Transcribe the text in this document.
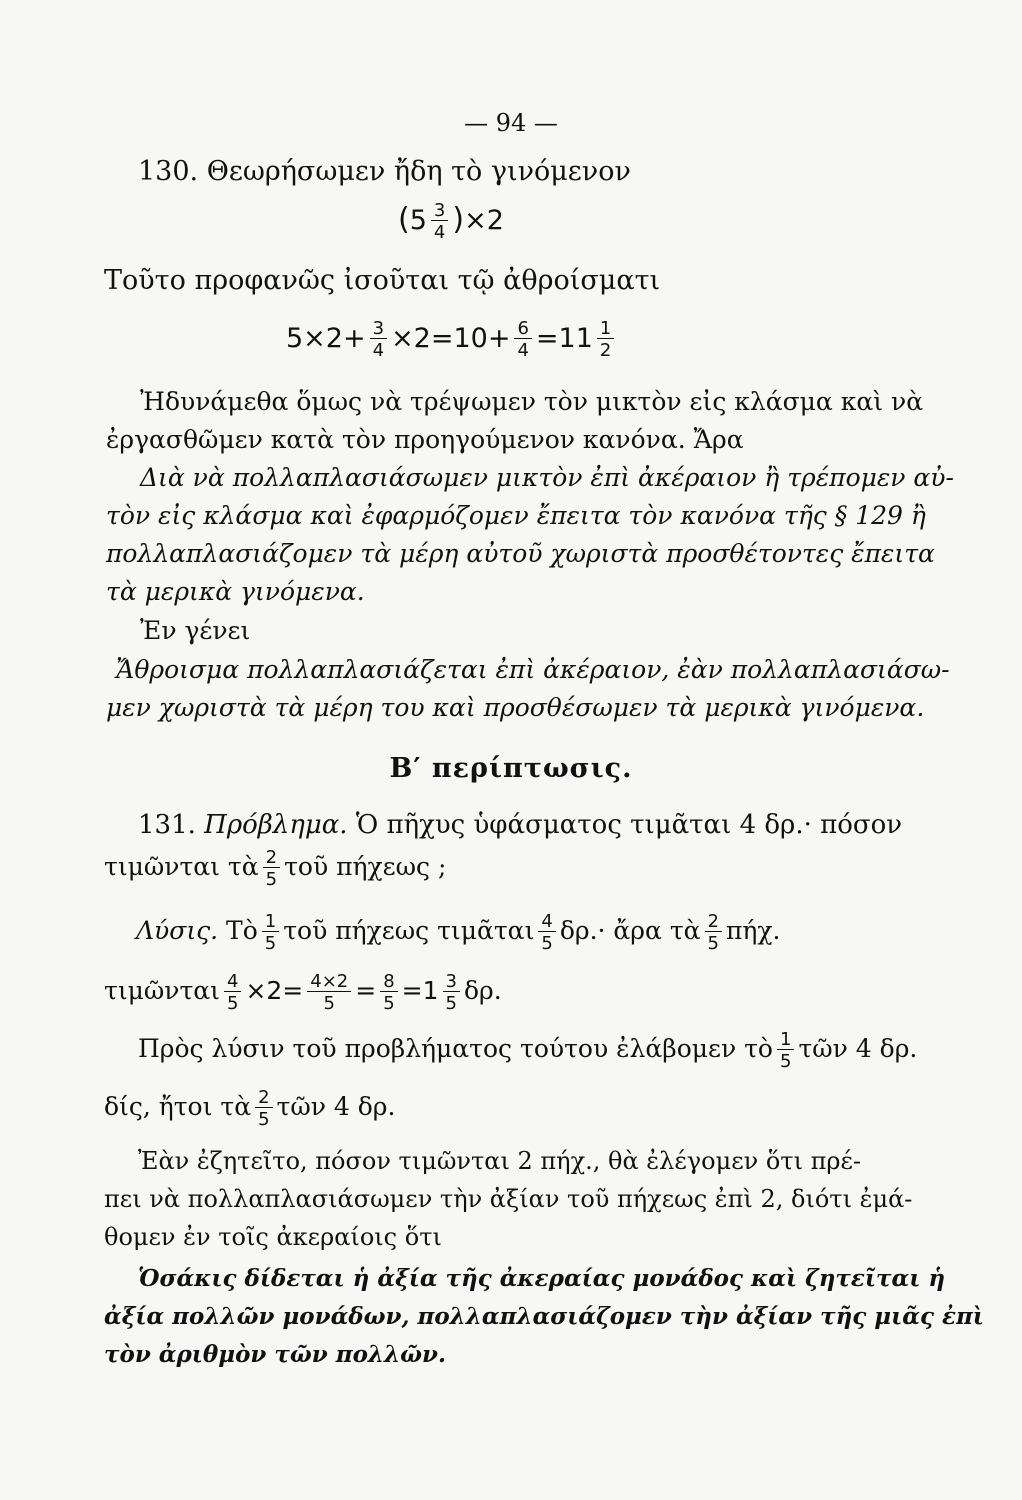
— 94 —
130. Θεωρήσωμεν ἤδη τὸ γινόμενον
$(5 \frac{3}{4} )\times 2$
Τοῦτο προφανῶς ἰσοῦται τῷ ἀθροίσματι
$5\times 2+ \frac{3}{4} \times 2=10+ \frac{6}{4} =11 \frac{1}{2}$
Ἠδυνάμεθα ὅμως νὰ τρέψωμεν τὸν μικτὸν εἰς κλάσμα καὶ νὰ
ἐργασθῶμεν κατὰ τὸν προηγούμενον κανόνα. Ἄρα
Διὰ νὰ πολλαπλασιάσωμεν μικτὸν ἐπὶ ἀκέραιον ἢ τρέπομεν αὐ-
τὸν εἰς κλάσμα καὶ ἐφαρμόζομεν ἔπειτα τὸν κανόνα τῆς § 129 ἢ
πολλαπλασιάζομεν τὰ μέρη αὐτοῦ χωριστὰ προσθέτοντες ἔπειτα
τὰ μερικὰ γινόμενα.
Ἐν γένει
Ἄθροισμα πολλαπλασιάζεται ἐπὶ ἀκέραιον, ἐὰν πολλαπλασιάσω-
μεν χωριστὰ τὰ μέρη του καὶ προσθέσωμεν τὰ μερικὰ γινόμενα.
Β′ περίπτωσις.
131. Πρόβλημα. Ὁ πῆχυς ὑφάσματος τιμᾶται 4 δρ.· πόσον
τιμῶνται τὰ $\frac{2}{5}$ τοῦ πήχεως ;
Λύσις. Τὸ $\frac{1}{5}$ τοῦ πήχεως τιμᾶται $\frac{4}{5} \delta\rho.\cdot$ ἄρα τὰ $\frac{2}{5} \pi ή\chi$.
τιμῶνται $\frac{4}{5} \times 2= \frac{4\times 2}{5} = \frac{8}{5} =1 \frac{3}{5} \delta\rho$.
Πρὸς λύσιν τοῦ προβλήματος τούτου ἐλάβομεν τὸ $\frac{1}{5}$ τῶν 4 δρ.
δίς, ἤτοι τὰ $\frac{2}{5}$ τῶν 4 δρ.
Ἐὰν ἐζητεῖτο, πόσον τιμῶνται 2 πήχ., θὰ ἐλέγομεν ὅτι πρέ-
πει νὰ πολλαπλασιάσωμεν τὴν ἀξίαν τοῦ πήχεως ἐπὶ 2, διότι ἐμά-
θομεν ἐν τοῖς ἀκεραίοις ὅτι
Ὁσάκις δίδεται ἡ ἀξία τῆς ἀκεραίας μονάδος καὶ ζητεῖται ἡ
ἀξία πολλῶν μονάδων, πολλαπλασιάζομεν τὴν ἀξίαν τῆς μιᾶς ἐπὶ
τὸν ἀριθμὸν τῶν πολλῶν.
